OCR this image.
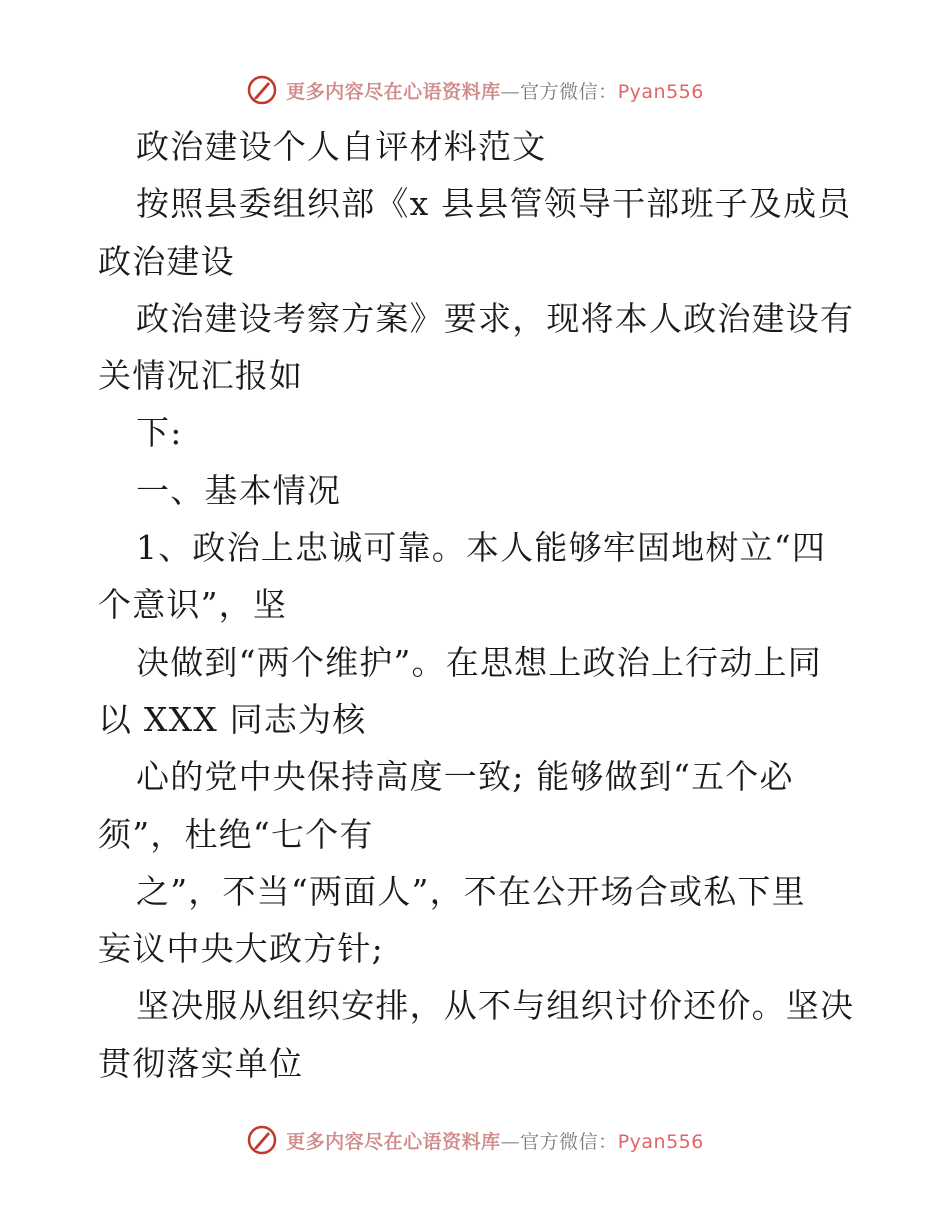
更多内容尽在心语资料库—官方微信：Pyan556
政治建设个人自评材料范文
按照县委组织部《x 县县管领导干部班子及成员
政治建设
政治建设考察方案》要求，现将本人政治建设有
关情况汇报如
下:
一、基本情况
1、政治上忠诚可靠。本人能够牢固地树立“四
个意识”，坚
决做到“两个维护”。在思想上政治上行动上同
以 XXX 同志为核
心的党中央保持高度一致; 能够做到“五个必
须”，杜绝“七个有
之”，不当“两面人”，不在公开场合或私下里
妄议中央大政方针;
坚决服从组织安排，从不与组织讨价还价。坚决
贯彻落实单位
更多内容尽在心语资料库—官方微信：Pyan556
